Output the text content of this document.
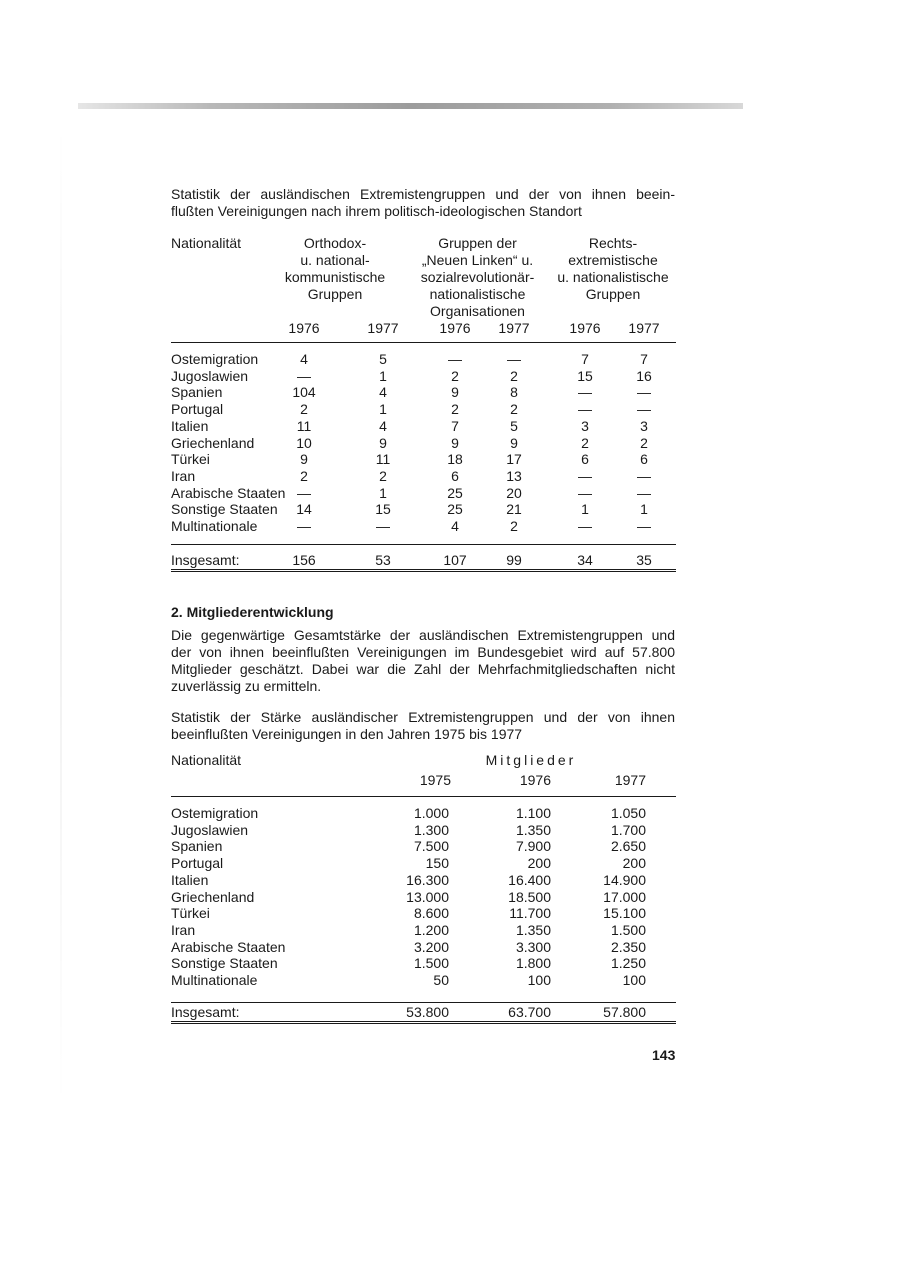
Statistik der ausländischen Extremistengruppen und der von ihnen beein-
flußten Vereinigungen nach ihrem politisch-ideologischen Standort
Nationalität	Orthodox-
u. national-
kommunistische
Gruppen
Gruppen der
„Neuen Linken“ u.
sozialrevolutionär-
nationalistische
Organisationen
Rechts-
extremistische
u. nationalistische
Gruppen
1976	1977	1976	1977	1976	1977
Ostemigration	4	5	—	—	7	7
Jugoslawien	—	1	2	2	15	16
Spanien	104	4	9	8	—	—
Portugal	2	1	2	2	—	—
Italien	11	4	7	5	3	3
Griechenland	10	9	9	9	2	2
Türkei	9	11	18	17	6	6
Iran	2	2	6	13	—	—
Arabische Staaten —	1	25	20	—	—
Sonstige Staaten	14	15	25	21	1	1
Multinationale	—	—	4	2	—	—
Insgesamt:	156	53	107	99	34	35
2. Mitgliederentwicklung
Die gegenwärtige Gesamtstärke der ausländischen Extremistengruppen und
der von ihnen beeinflußten Vereinigungen im Bundesgebiet wird auf 57.800
Mitglieder geschätzt. Dabei war die Zahl der Mehrfachmitgliedschaften nicht
zuverlässig zu ermitteln.
Statistik der Stärke ausländischer Extremistengruppen und der von ihnen
beeinflußten Vereinigungen in den Jahren 1975 bis 1977
Nationalität	Mitglieder
1975	1976	1977
Ostemigration	1.000	1.100	1.050
Jugoslawien	1.300	1.350	1.700
Spanien	7.500	7.900	2.650
Portugal	150	200	200
Italien	16.300	16.400	14.900
Griechenland	13.000	18.500	17.000
Türkei	8.600	11.700	15.100
Iran	1.200	1.350	1.500
Arabische Staaten	3.200	3.300	2.350
Sonstige Staaten	1.500	1.800	1.250
Multinationale	50	100	100
Insgesamt:	53.800	63.700	57.800
143
